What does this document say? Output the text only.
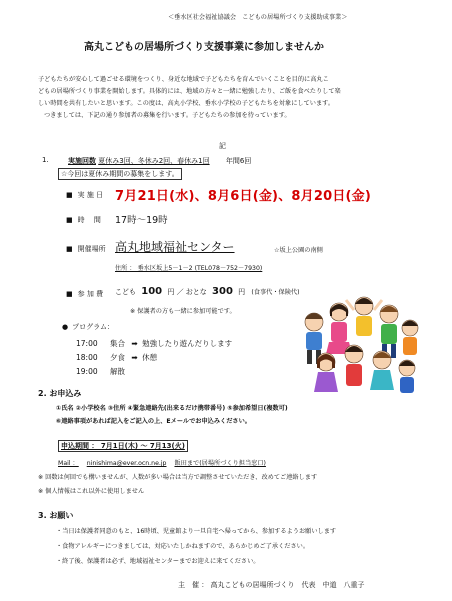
＜垂水区社会福祉協議会　こどもの居場所づくり支援助成事業＞
高丸こどもの居場所づくり支援事業に参加しませんか
子どもたちが安心して過ごせる環境をつくり、身近な地域で子どもたちを育んでいくことを目的に高丸こ
どもの居場所づくり事業を開始します。具体的には、地域の方々と一緒に勉強したり、ご飯を食べたりして楽
しい時間を共有したいと思います。この度は、高丸小学校、垂水小学校の子どもたちを対象にしています。
つきましては、下記の通り参加者の募集を行います。子どもたちの参加を待っています。
記
1.	実施回数 夏休み3回、冬休み2回、春休み1回 年間6回
☆今回は夏休み期間の募集をします。
■ 実 施 日 7月21日(水)、8月6日(金)、8月20日(金)
■ 時　 間 17時～19時
■ 開催場所 高丸地域福祉センター	☆坂上公園の南側
住所 ： 垂水区坂上5－1－2 (TEL078－752－7930)
■ 参 加 費 こども 100 円 ／ おとな 300 円 (食事代・保険代)
※ 保護者の方も一緒に参加可能です。
● プログラム：
17:00 集合 ➡ 勉強したり遊んだりします
18:00 夕食 ➡ 休憩
19:00 解散
2. お申込み
①氏名 ②小学校名 ③住所 ④緊急連絡先(出来るだけ携帯番号) ⑤参加希望日(複数可)
⑥連絡事項があれば記入をご記入の上、Eメールでお申込みください。
申込期間 ： 7月1日(木) ～ 7月13(火)
Mail ： ninishima@ever.ocn.ne.jp 飯田まで(居場所づくり担当窓口)
※ 回数は何回でも構いませんが、人数が多い場合は当方で調整させていただき、改めてご連絡します
※ 個人情報はこれ以外に使用しません
3. お願い
・当日は保護者同意のもと、16時頃、児童館より一旦自宅へ帰ってから、参加するようお願いします
・食物アレルギーにつきましては、対応いたしかねますので、あらかじめご了承ください。
・終了後、保護者は必ず、地域福祉センターまでお迎えに来てください。
主　催 ： 高丸こどもの居場所づくり　代表　中道　八重子
